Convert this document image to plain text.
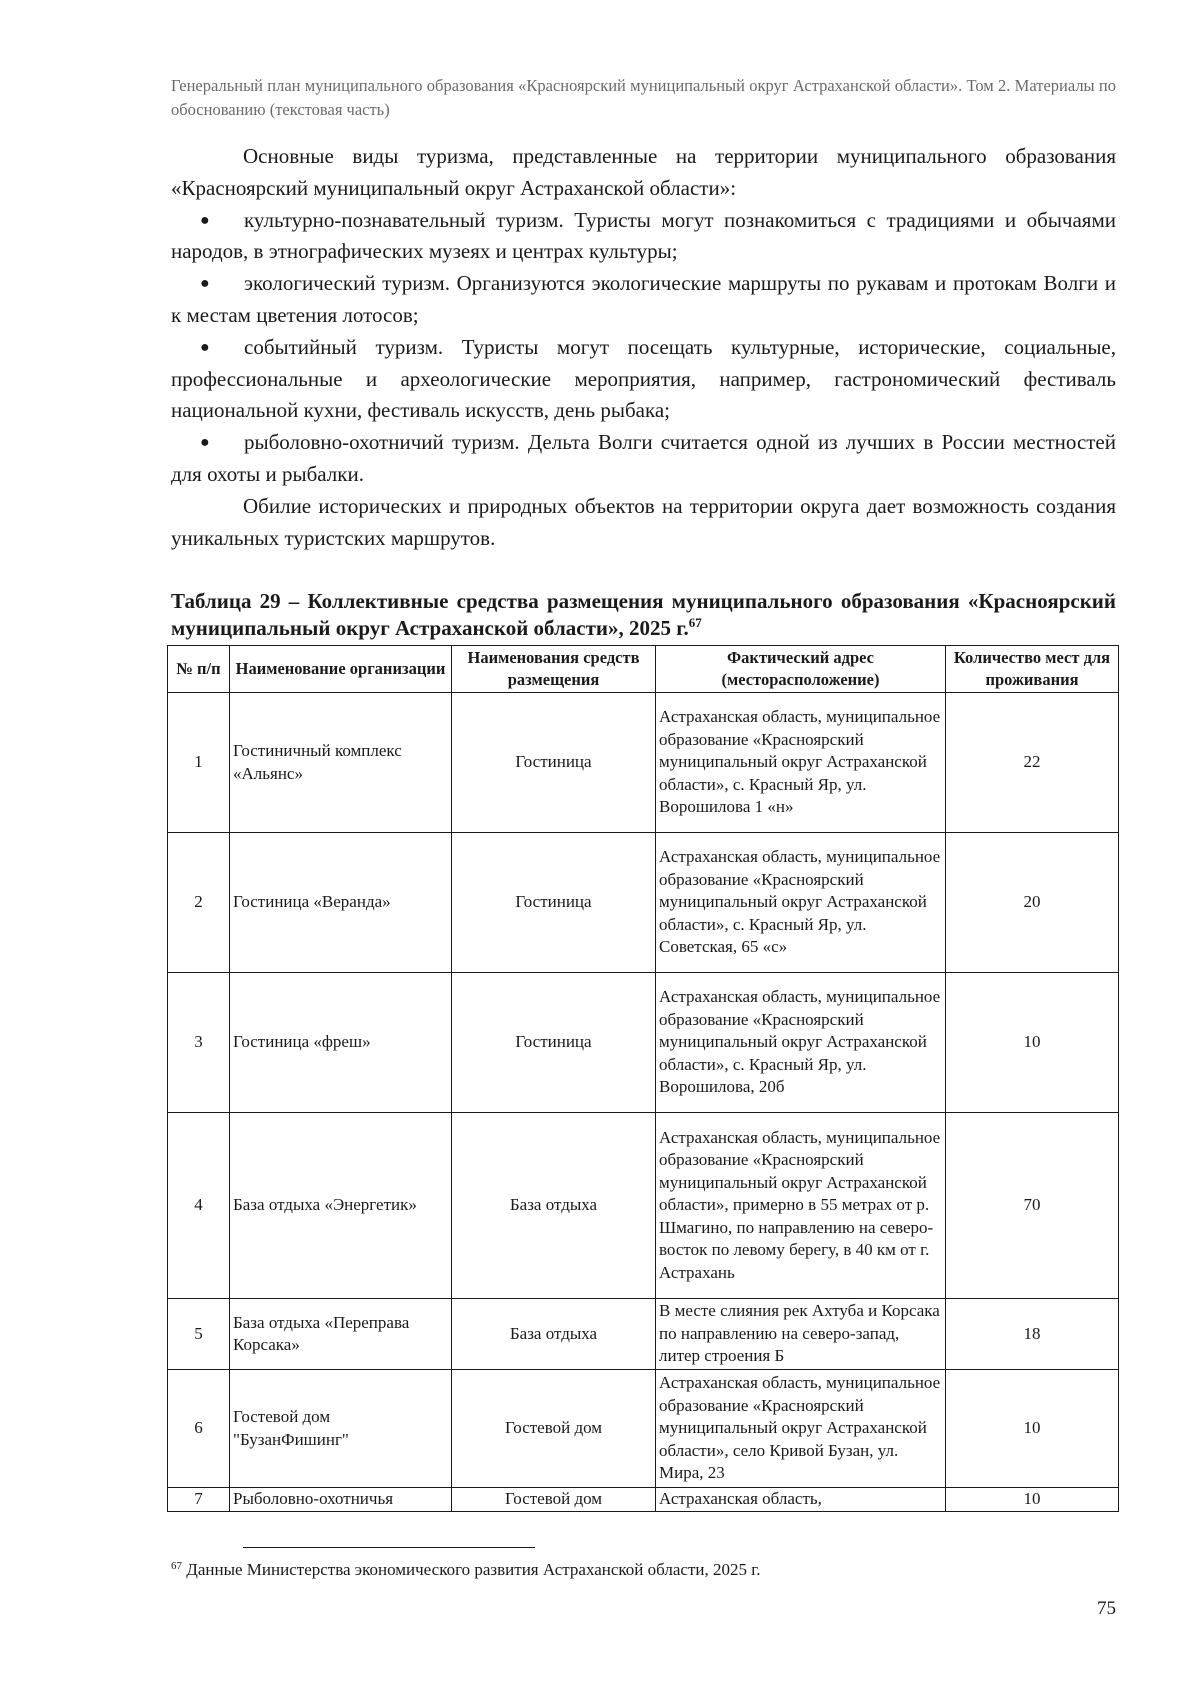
Генеральный план муниципального образования «Красноярский муниципальный округ Астраханской области». Том 2. Материалы по обоснованию (текстовая часть)

Основные виды туризма, представленные на территории муниципального образования «Красноярский муниципальный округ Астраханской области»:

● культурно-познавательный туризм. Туристы могут познакомиться с традициями и обычаями народов, в этнографических музеях и центрах культуры;

● экологический туризм. Организуются экологические маршруты по рукавам и протокам Волги и к местам цветения лотосов;

● событийный туризм. Туристы могут посещать культурные, исторические, социальные, профессиональные и археологические мероприятия, например, гастрономический фестиваль национальной кухни, фестиваль искусств, день рыбака;

● рыболовно-охотничий туризм. Дельта Волги считается одной из лучших в России местностей для охоты и рыбалки.

Обилие исторических и природных объектов на территории округа дает возможность создания уникальных туристских маршрутов.

Таблица 29 – Коллективные средства размещения муниципального образования «Красноярский муниципальный округ Астраханской области», 2025 г.$^{67}$
№ п/п	Наименование организации	Наименования средств размещения	Фактический адрес (месторасположение)	Количество мест для проживания
1	Гостиничный комплекс «Альянс»	Гостиница	Астраханская область, муниципальное образование «Красноярский муниципальный округ Астраханской области», с. Красный Яр, ул. Ворошилова 1 «н»	22
2	Гостиница «Веранда»	Гостиница	Астраханская область, муниципальное образование «Красноярский муниципальный округ Астраханской области», с. Красный Яр, ул. Советская, 65 «с»	20
3	Гостиница «фреш»	Гостиница	Астраханская область, муниципальное образование «Красноярский муниципальный округ Астраханской области», с. Красный Яр, ул. Ворошилова, 20б	10
4	База отдыха «Энергетик»	База отдыха	Астраханская область, муниципальное образование «Красноярский муниципальный округ Астраханской области», примерно в 55 метрах от р. Шмагино, по направлению на северо-восток по левому берегу, в 40 км от г. Астрахань	70
5	База отдыха «Переправа Корсака»	База отдыха	В месте слияния рек Ахтуба и Корсака по направлению на северо-запад, литер строения Б	18
6	Гостевой дом "БузанФишинг"	Гостевой дом	Астраханская область, муниципальное образование «Красноярский муниципальный округ Астраханской области», село Кривой Бузан, ул. Мира, 23	10
7	Рыболовно-охотничья	Гостевой дом	Астраханская область,	10
$^{67}$ Данные Министерства экономического развития Астраханской области, 2025 г.
75
